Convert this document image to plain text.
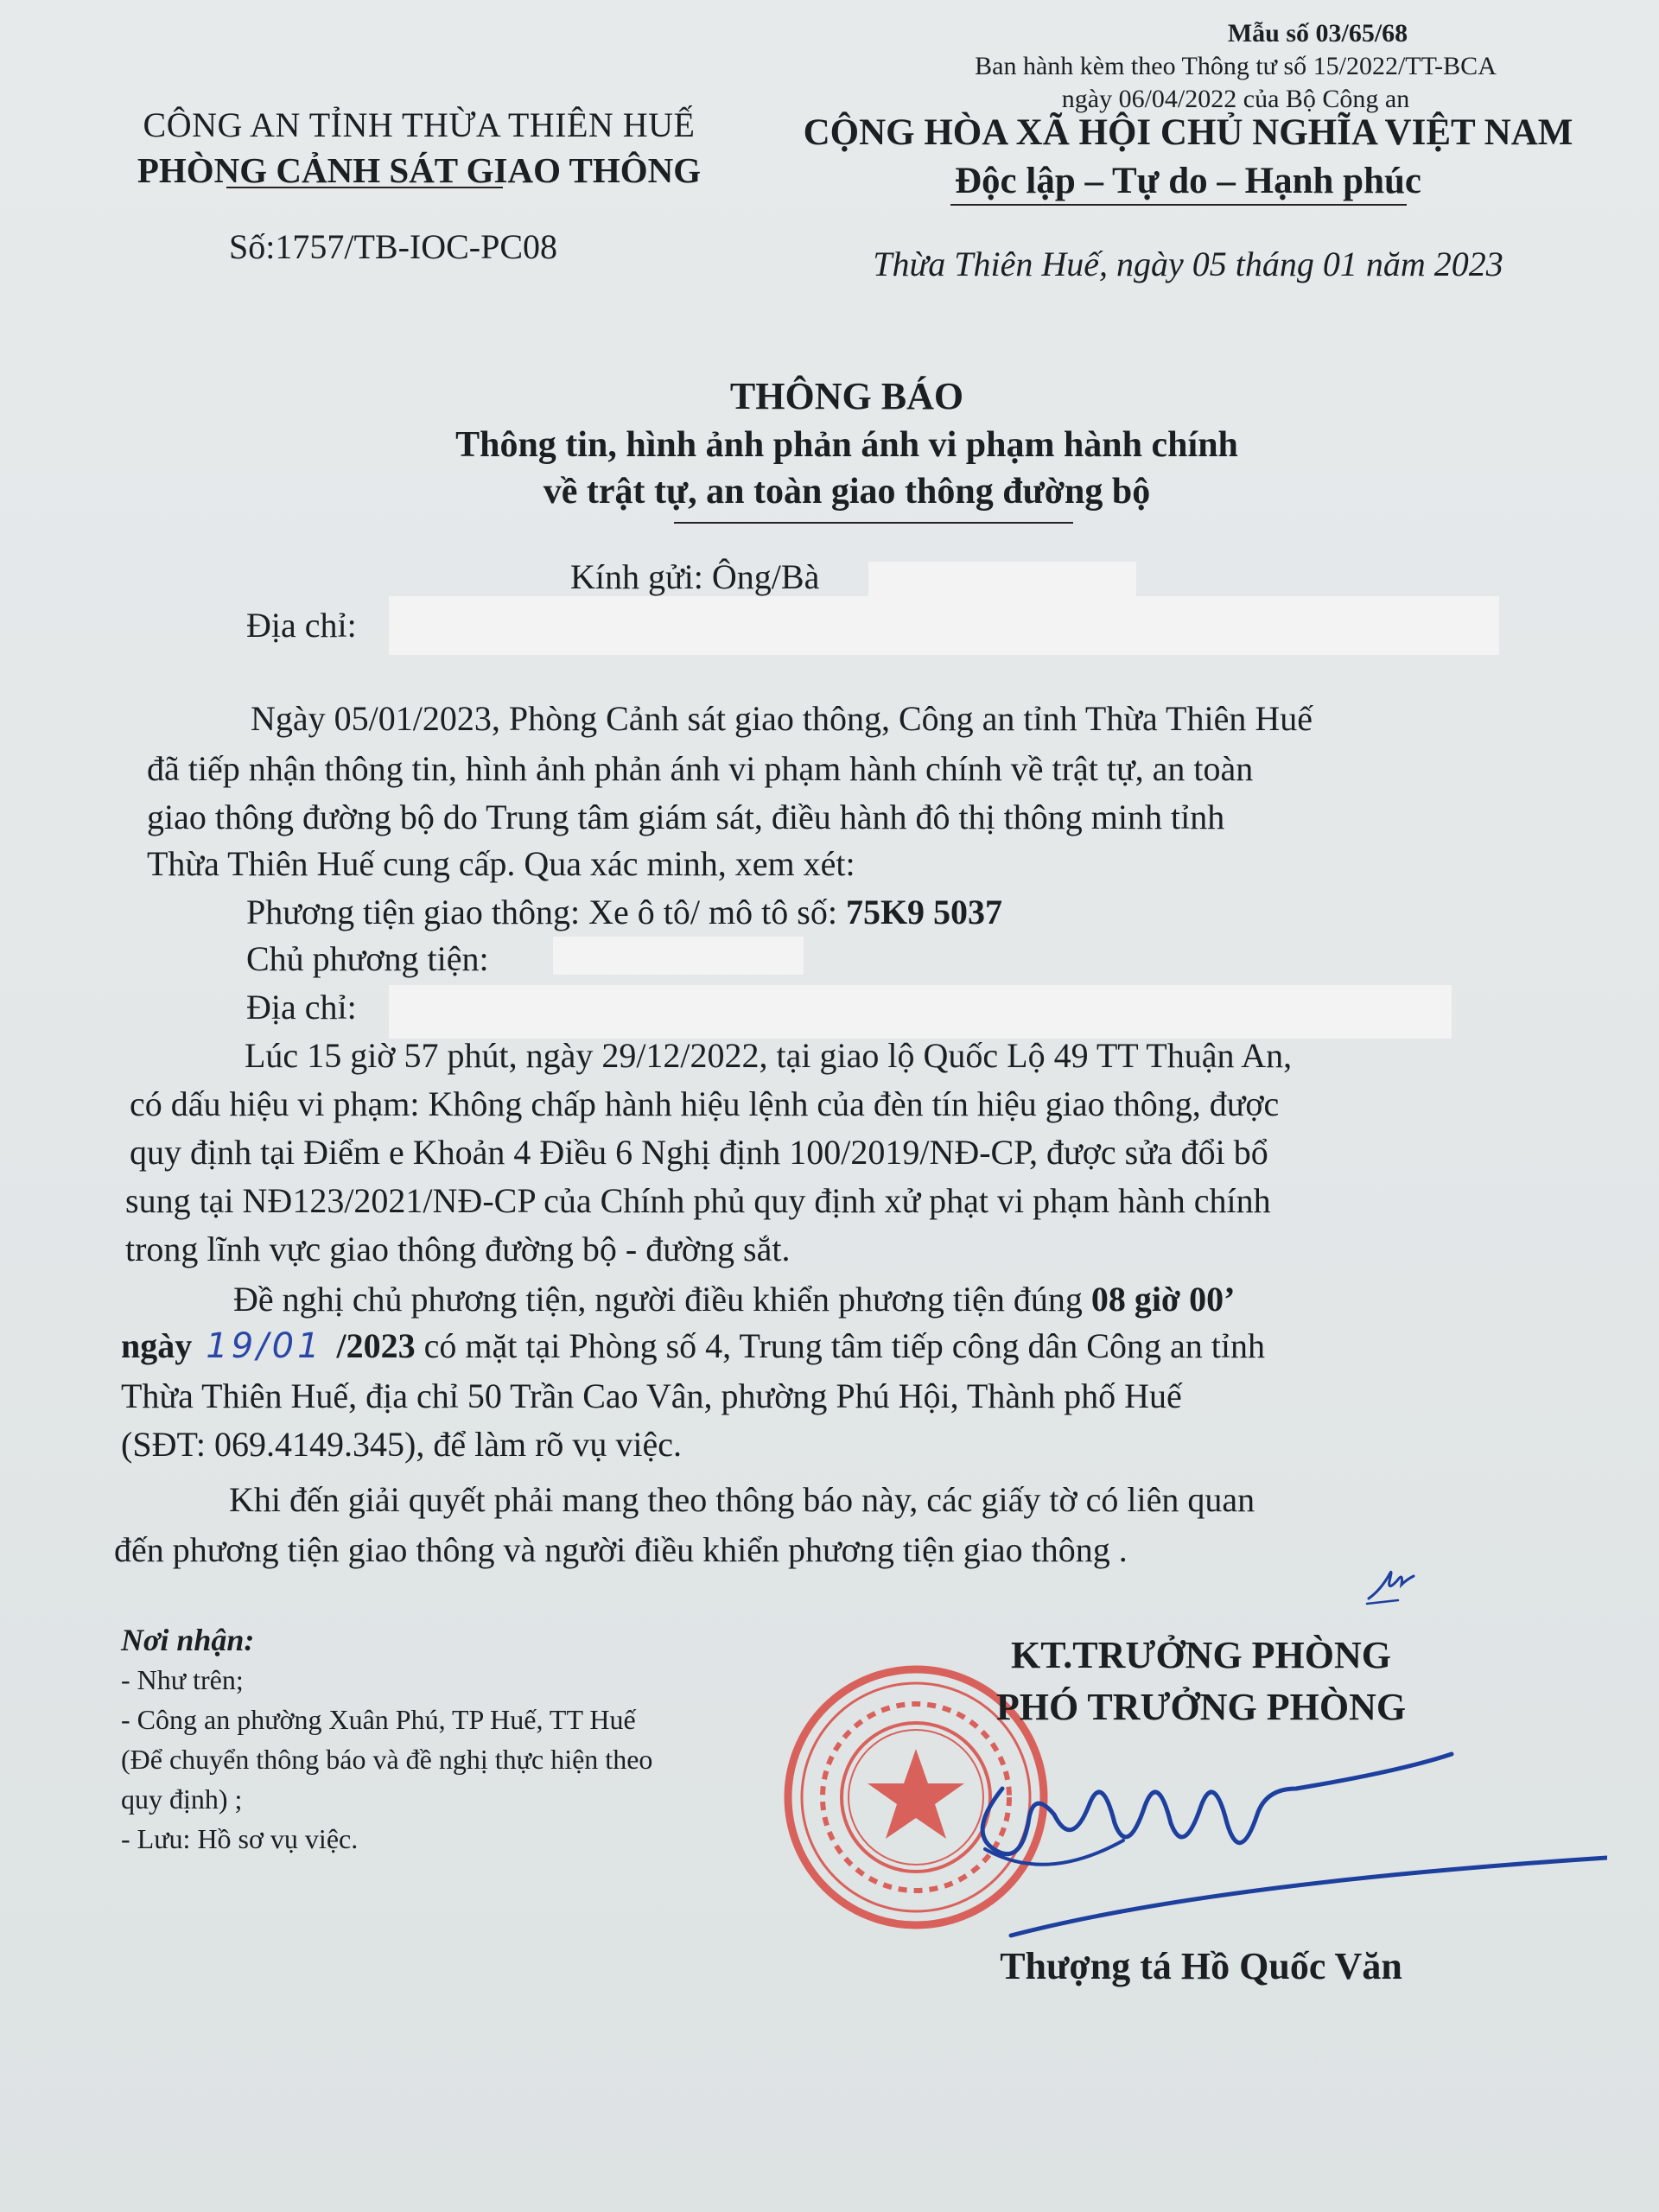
Mẫu số 03/65/68
Ban hành kèm theo Thông tư số 15/2022/TT-BCA
ngày 06/04/2022 của Bộ Công an
CÔNG AN TỈNH THỪA THIÊN HUẾ
PHÒNG CẢNH SÁT GIAO THÔNG
Số:1757/TB-IOC-PC08
CỘNG HÒA XÃ HỘI CHỦ NGHĨA VIỆT NAM
Độc lập – Tự do – Hạnh phúc
Thừa Thiên Huế, ngày 05 tháng 01 năm 2023
THÔNG BÁO
Thông tin, hình ảnh phản ánh vi phạm hành chính
về trật tự, an toàn giao thông đường bộ
Kính gửi: Ông/Bà
Địa chỉ:
Ngày 05/01/2023, Phòng Cảnh sát giao thông, Công an tỉnh Thừa Thiên Huế
đã tiếp nhận thông tin, hình ảnh phản ánh vi phạm hành chính về trật tự, an toàn
giao thông đường bộ do Trung tâm giám sát, điều hành đô thị thông minh tỉnh
Thừa Thiên Huế cung cấp. Qua xác minh, xem xét:
Phương tiện giao thông: Xe ô tô/ mô tô số: 75K9 5037
Chủ phương tiện:
Địa chỉ:
Lúc 15 giờ 57 phút, ngày 29/12/2022, tại giao lộ Quốc Lộ 49 TT Thuận An,
có dấu hiệu vi phạm: Không chấp hành hiệu lệnh của đèn tín hiệu giao thông, được
quy định tại Điểm e Khoản 4 Điều 6 Nghị định 100/2019/NĐ-CP, được sửa đổi bổ
sung tại NĐ123/2021/NĐ-CP của Chính phủ quy định xử phạt vi phạm hành chính
trong lĩnh vực giao thông đường bộ - đường sắt.
Đề nghị chủ phương tiện, người điều khiển phương tiện đúng 08 giờ 00’
ngày 19/01 /2023 có mặt tại Phòng số 4, Trung tâm tiếp công dân Công an tỉnh
Thừa Thiên Huế, địa chỉ 50 Trần Cao Vân, phường Phú Hội, Thành phố Huế
(SĐT: 069.4149.345), để làm rõ vụ việc.
Khi đến giải quyết phải mang theo thông báo này, các giấy tờ có liên quan
đến phương tiện giao thông và người điều khiển phương tiện giao thông .
Nơi nhận:
- Như trên;
- Công an phường Xuân Phú, TP Huế, TT Huế
(Để chuyển thông báo và đề nghị thực hiện theo
quy định) ;
- Lưu: Hồ sơ vụ việc.
KT.TRƯỞNG PHÒNG
PHÓ TRƯỞNG PHÒNG
Thượng tá Hồ Quốc Văn
